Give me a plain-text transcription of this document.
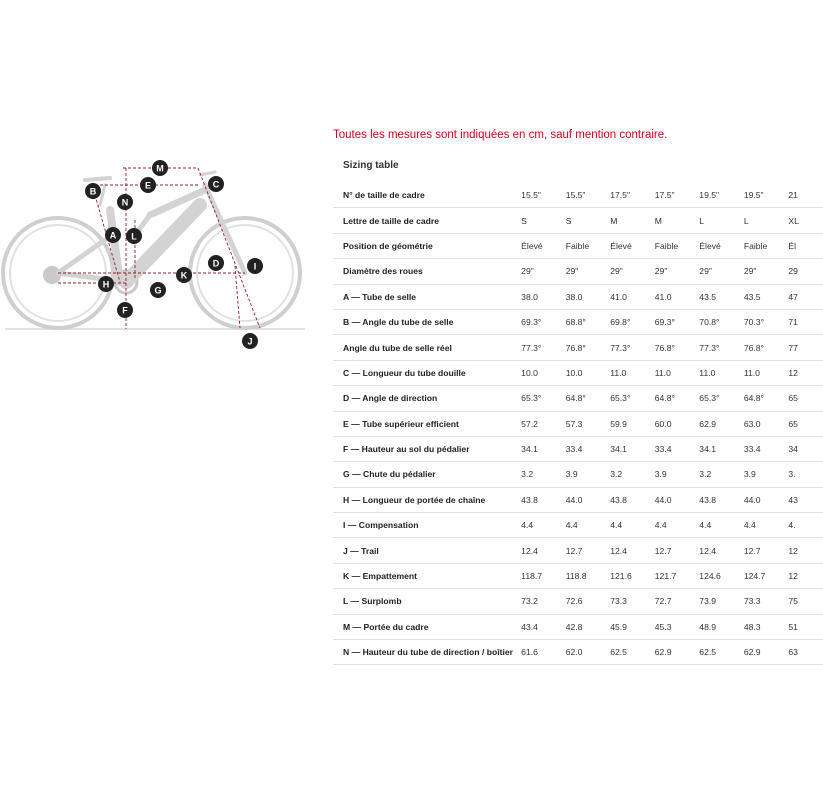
M
B
E	C
N
A L
D	I
H
K
G
F
J
Toutes les mesures sont indiquées en cm, sauf mention contraire.
Sizing table
N° de taille de cadre	15.5"	15.5"	17.5"	17.5"	19.5"	19.5"	21
Lettre de taille de cadre	S	S	M	M	L	L	XL
Position de géométrie	Élevé	Faible	Élevé	Faible	Élevé	Faible	Él
Diamètre des roues	29"	29"	29"	29"	29"	29"	29
A — Tube de selle	38.0	38.0	41.0	41.0	43.5	43.5	47
B — Angle du tube de selle	69.3°	68.8°	69.8°	69.3°	70.8°	70.3°	71
Angle du tube de selle réel	77.3°	76.8°	77.3°	76.8°	77.3°	76.8°	77
C — Longueur du tube douille	10.0	10.0	11.0	11.0	11.0	11.0	12
D — Angle de direction	65.3°	64.8°	65.3°	64.8°	65.3°	64.8°	65
E — Tube supérieur efficient	57.2	57.3	59.9	60.0	62.9	63.0	65
F — Hauteur au sol du pédalier	34.1	33.4	34.1	33.4	34.1	33.4	34
G — Chute du pédalier	3.2	3.9	3.2	3.9	3.2	3.9	3.
H — Longueur de portée de chaîne	43.8	44.0	43.8	44.0	43.8	44.0	43
I — Compensation	4.4	4.4	4.4	4.4	4.4	4.4	4.
J — Trail	12.4	12.7	12.4	12.7	12.4	12.7	12
K — Empattement	118.7	118.8	121.6	121.7	124.6	124.7	12
L — Surplomb	73.2	72.6	73.3	72.7	73.9	73.3	75
M — Portée du cadre	43.4	42.8	45.9	45.3	48.9	48.3	51
N — Hauteur du tube de direction / boîtier	61.6	62.0	62.5	62.9	62.5	62.9	63
